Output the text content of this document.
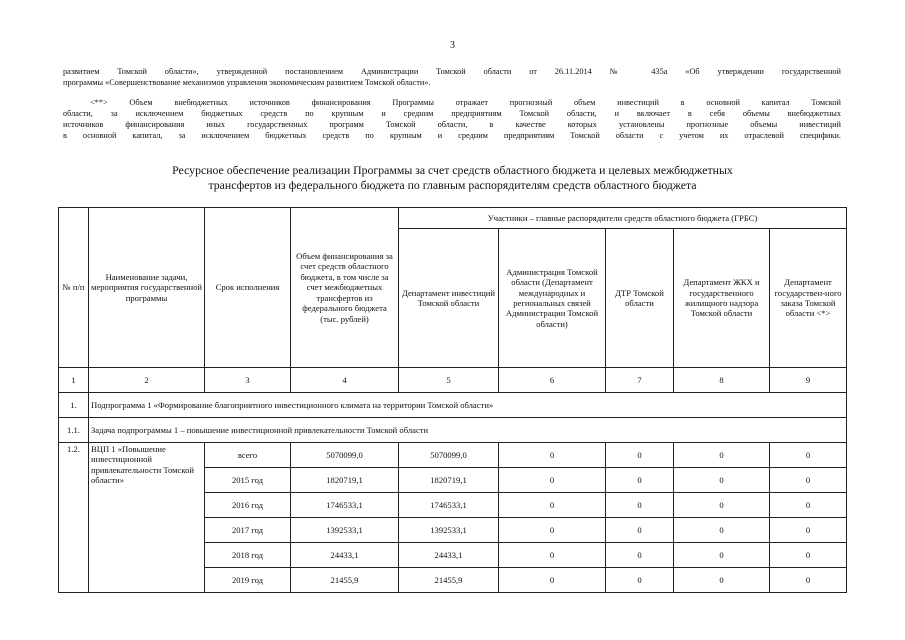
3
развитием Томской области», утвержденной постановлением Администрации Томской области от 26.11.2014 № 435а «Об утверждении государственной
программы «Совершенствование механизмов управления экономическим развитием Томской области».
<**> Объем внебюджетных источников финансирования Программы отражает прогнозный объем инвестиций в основной капитал Томской
области, за исключением бюджетных средств по крупным и средним предприятиям Томской области, и включает в себя объемы внебюджетных
источников финансирования иных государственных программ Томской области, в качестве которых установлены прогнозные объемы инвестиций
в основной капитал, за исключением бюджетных средств по крупным и средним предприятиям Томской области с учетом их отраслевой специфики.
Ресурсное обеспечение реализации Программы за счет средств областного бюджета и целевых межбюджетных
трансфертов из федерального бюджета по главным распорядителям средств областного бюджета
№ п/п	Наименование задачи, мероприятия государственной программы	Срок исполнения	Объем финансирования за счет средств областного бюджета, в том числе за счет межбюджетных трансфертов из федерального бюджета (тыс. рублей)	Участники – главные распорядители средств областного бюджета (ГРБС)				
				Департамент инвестиций Томской области	Администрация Томской области (Департамент международных и региональных связей Администрации Томской области)	ДТР Томской области	Департамент ЖКХ и государственного жилищного надзора Томской области	Департамент государствен-ного заказа Томской области <*>
1	2	3	4	5	6	7	8	9
1.	Подпрограмма 1 «Формирование благоприятного инвестиционного климата на территории Томской области»							
1.1.	Задача подпрограммы 1 – повышение инвестиционной привлекательности Томской области							
1.2.	ВЦП 1 «Повышение инвестиционной привлекательности Томской области»	всего	5070099,0	5070099,0	0	0	0	0
		2015 год	1820719,1	1820719,1	0	0	0	0
		2016 год	1746533,1	1746533,1	0	0	0	0
		2017 год	1392533,1	1392533,1	0	0	0	0
		2018 год	24433,1	24433,1	0	0	0	0
		2019 год	21455,9	21455,9	0	0	0	0
